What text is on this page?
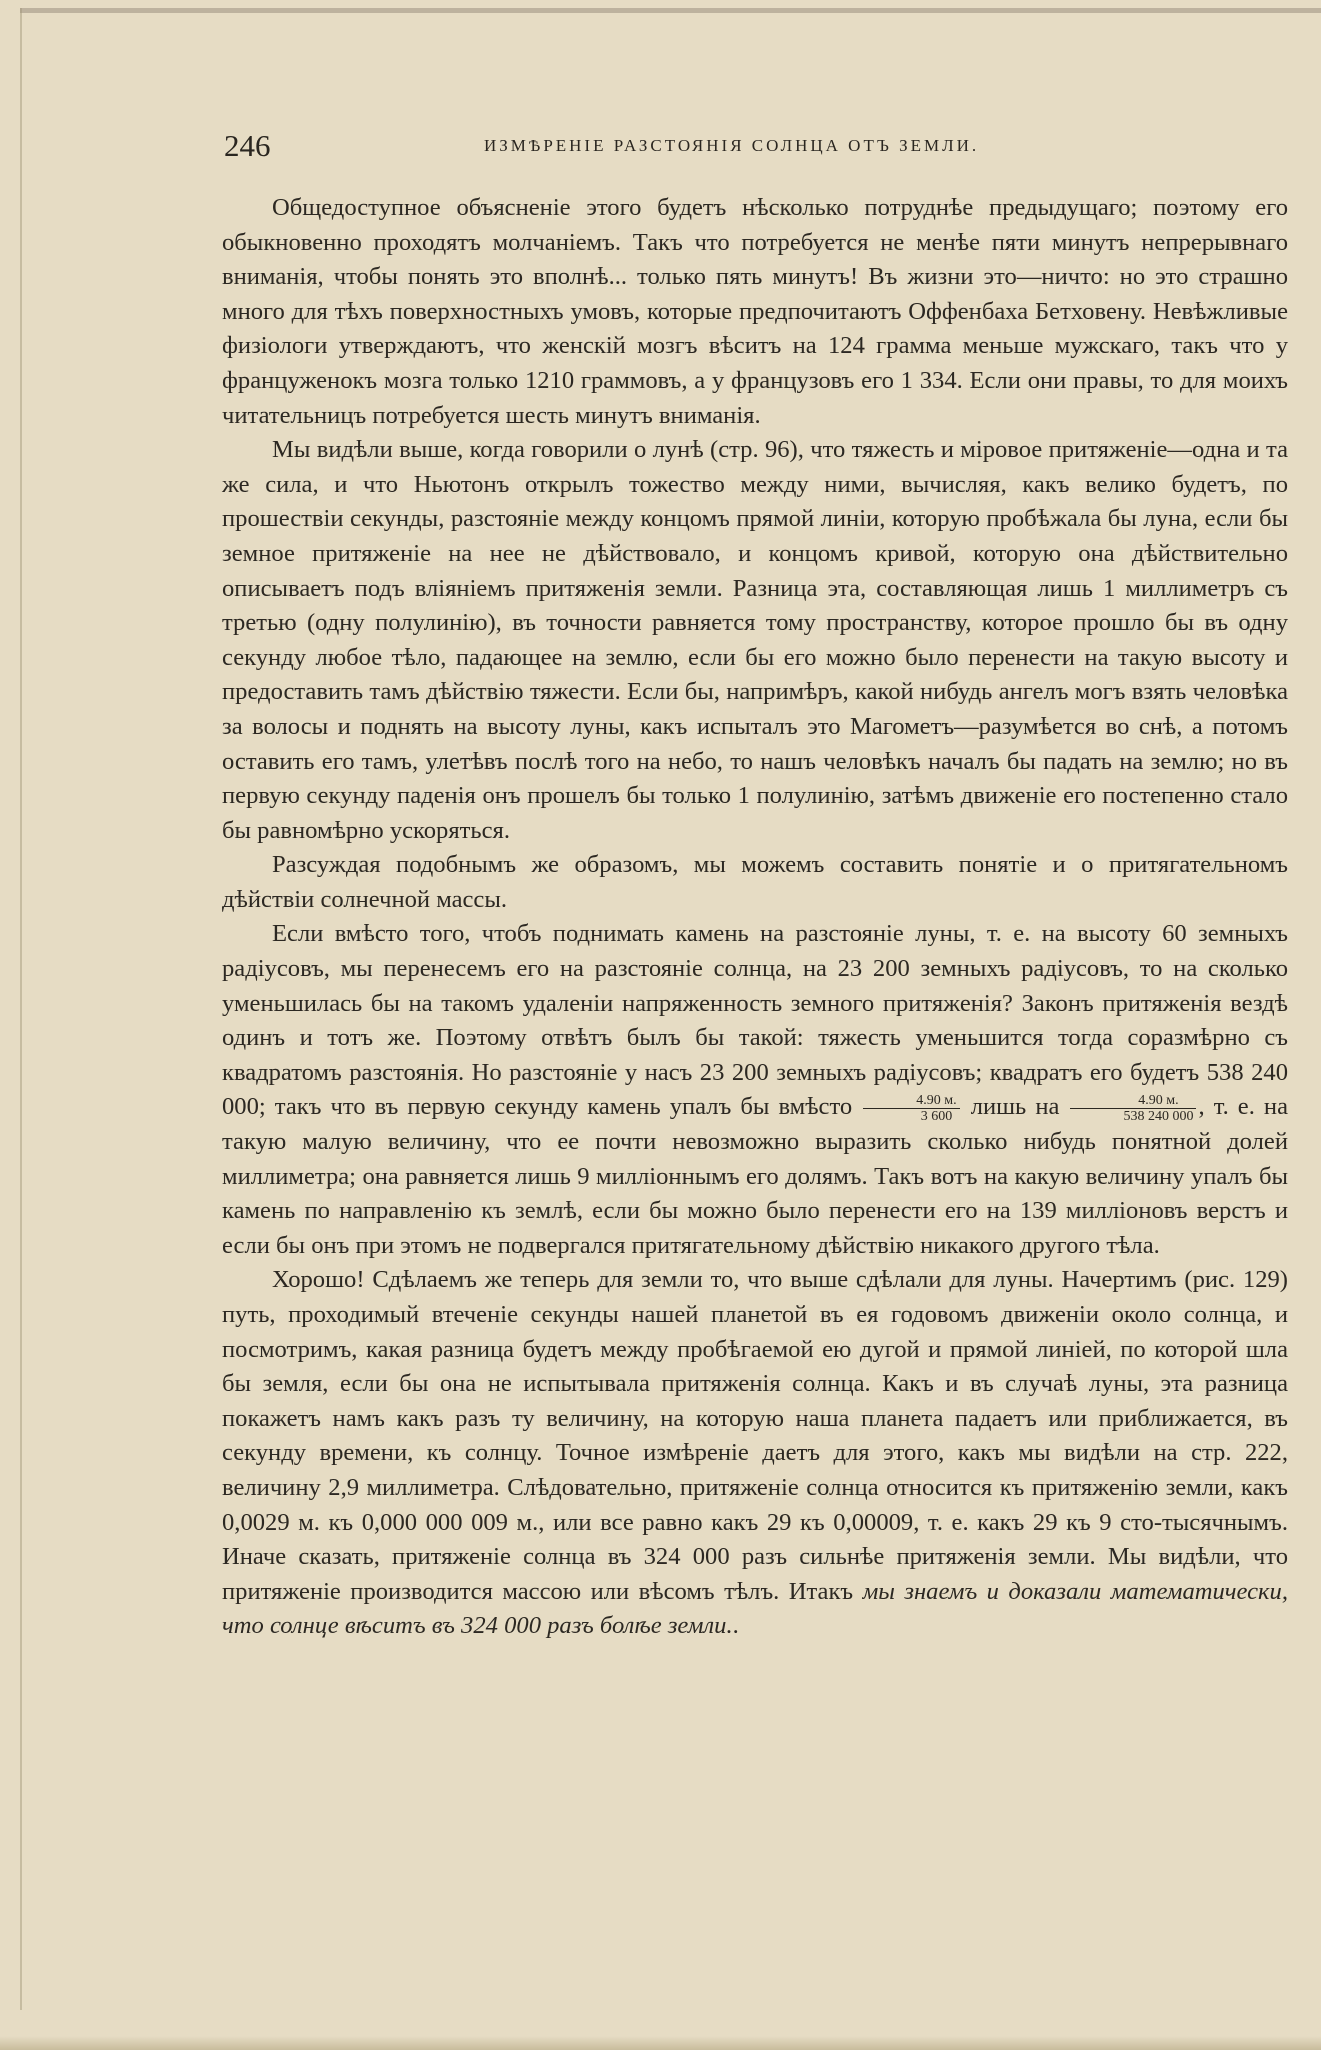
246	ИЗМѢРЕНІЕ РАЗСТОЯНІЯ СОЛНЦА ОТЪ ЗЕМЛИ.

Общедоступное объясненіе этого будетъ нѣсколько потруднѣе предыдущаго; поэтому его обыкновенно проходятъ молчаніемъ. Такъ что потребуется не менѣе пяти минутъ непрерывнаго вниманія, чтобы понять это вполнѣ... только пять минутъ! Въ жизни это—ничто: но это страшно много для тѣхъ поверхностныхъ умовъ, которые предпочитаютъ Оффенбаха Бетховену. Невѣжливые физіологи утверждаютъ, что женскій мозгъ вѣситъ на 124 грамма меньше мужскаго, такъ что у француженокъ мозга только 1210 граммовъ, а у французовъ его 1 334. Если они правы, то для моихъ читательницъ потребуется шесть минутъ вниманія.

Мы видѣли выше, когда говорили о лунѣ (стр. 96), что тяжесть и міровое притяженіе—одна и та же сила, и что Ньютонъ открылъ тожество между ними, вычисляя, какъ велико будетъ, по прошествіи секунды, разстояніе между концомъ прямой линіи, которую пробѣжала бы луна, если бы земное притяженіе на нее не дѣйствовало, и концомъ кривой, которую она дѣйствительно описываетъ подъ вліяніемъ притяженія земли. Разница эта, составляющая лишь 1 миллиметръ съ третью (одну полулинію), въ точности равняется тому пространству, которое прошло бы въ одну секунду любое тѣло, падающее на землю, если бы его можно было перенести на такую высоту и предоставить тамъ дѣйствію тяжести. Если бы, напримѣръ, какой нибудь ангелъ могъ взять человѣка за волосы и поднять на высоту луны, какъ испыталъ это Магометъ—разумѣется во снѣ, а потомъ оставить его тамъ, улетѣвъ послѣ того на небо, то нашъ человѣкъ началъ бы падать на землю; но въ первую секунду паденія онъ прошелъ бы только 1 полулинію, затѣмъ движеніе его постепенно стало бы равномѣрно ускоряться.

Разсуждая подобнымъ же образомъ, мы можемъ составить понятіе и о притягательномъ дѣйствіи солнечной массы.

Если вмѣсто того, чтобъ поднимать камень на разстояніе луны, т. е. на высоту 60 земныхъ радіусовъ, мы перенесемъ его на разстояніе солнца, на 23 200 земныхъ радіусовъ, то на сколько уменьшилась бы на такомъ удаленіи напряженность земного притяженія? Законъ притяженія вездѣ одинъ и тотъ же. Поэтому отвѣтъ былъ бы такой: тяжесть уменьшится тогда соразмѣрно съ квадратомъ разстоянія. Но разстояніе у насъ 23 200 земныхъ радіусовъ; квадратъ его будетъ 538 240 000; такъ что въ первую секунду камень упалъ бы вмѣсто $\frac{4.90 м.}{3 600}$ лишь на $\frac{4.90 м.}{538 240 000}$ , т. е. на такую малую величину, что ее почти невозможно выразить сколько нибудь понятной долей миллиметра; она равняется лишь 9 милліоннымъ его долямъ. Такъ вотъ на какую величину упалъ бы камень по направленію къ землѣ, если бы можно было перенести его на 139 милліоновъ верстъ и если бы онъ при этомъ не подвергался притягательному дѣйствію никакого другого тѣла.

Хорошо! Сдѣлаемъ же теперь для земли то, что выше сдѣлали для луны. Начертимъ (рис. 129) путь, проходимый втеченіе секунды нашей планетой въ ея годовомъ движеніи около солнца, и посмотримъ, какая разница будетъ между пробѣгаемой ею дугой и прямой линіей, по которой шла бы земля, если бы она не испытывала притяженія солнца. Какъ и въ случаѣ луны, эта разница покажетъ намъ какъ разъ ту величину, на которую наша планета падаетъ или приближается, въ секунду времени, къ солнцу. Точное измѣреніе даетъ для этого, какъ мы видѣли на стр. 222, величину 2,9 миллиметра. Слѣдовательно, притяженіе солнца относится къ притяженію земли, какъ 0,0029 м. къ 0,000 000 009 м., или все равно какъ 29 къ 0,00009, т. е. какъ 29 къ 9 сто-тысячнымъ. Иначе сказать, притяженіе солнца въ 324 000 разъ сильнѣе притяженія земли. Мы видѣли, что притяженіе производится массою или вѣсомъ тѣлъ. Итакъ мы знаемъ и доказали математически, что солнце вѣситъ въ 324 000 разъ болѣе земли..
